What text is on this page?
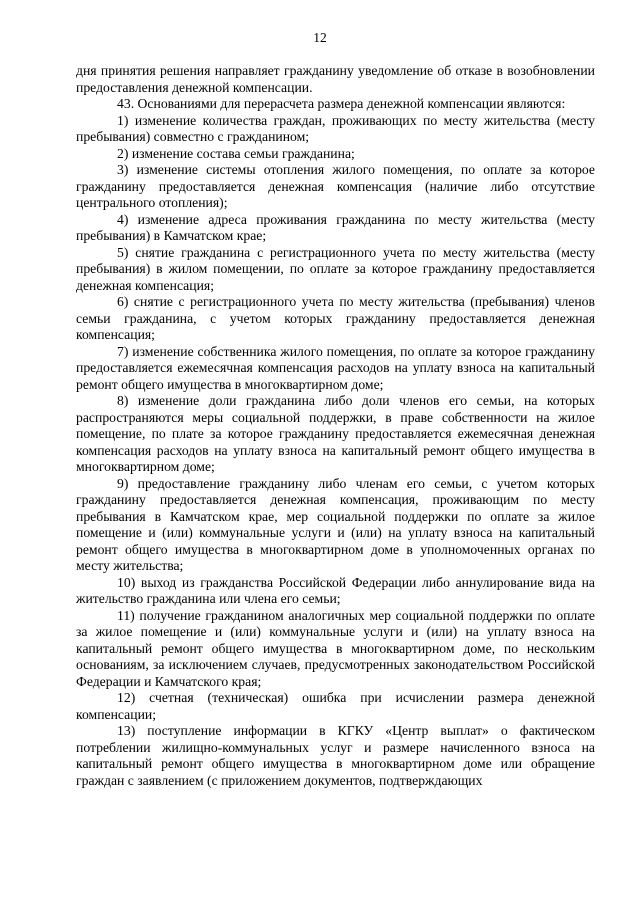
12

дня принятия решения направляет гражданину уведомление об отказе в возобновлении предоставления денежной компенсации.

43. Основаниями для перерасчета размера денежной компенсации являются:

1) изменение количества граждан, проживающих по месту жительства (месту пребывания) совместно с гражданином;

2) изменение состава семьи гражданина;

3) изменение системы отопления жилого помещения, по оплате за которое гражданину предоставляется денежная компенсация (наличие либо отсутствие центрального отопления);

4) изменение адреса проживания гражданина по месту жительства (месту пребывания) в Камчатском крае;

5) снятие гражданина с регистрационного учета по месту жительства (месту пребывания) в жилом помещении, по оплате за которое гражданину предоставляется денежная компенсация;

6) снятие с регистрационного учета по месту жительства (пребывания) членов семьи гражданина, с учетом которых гражданину предоставляется денежная компенсация;

7) изменение собственника жилого помещения, по оплате за которое гражданину предоставляется ежемесячная компенсация расходов на уплату взноса на капитальный ремонт общего имущества в многоквартирном доме;

8) изменение доли гражданина либо доли членов его семьи, на которых распространяются меры социальной поддержки, в праве собственности на жилое помещение, по плате за которое гражданину предоставляется ежемесячная денежная компенсация расходов на уплату взноса на капитальный ремонт общего имущества в многоквартирном доме;

9) предоставление гражданину либо членам его семьи, с учетом которых гражданину предоставляется денежная компенсация, проживающим по месту пребывания в Камчатском крае, мер социальной поддержки по оплате за жилое помещение и (или) коммунальные услуги и (или) на уплату взноса на капитальный ремонт общего имущества в многоквартирном доме в уполномоченных органах по месту жительства;

10) выход из гражданства Российской Федерации либо аннулирование вида на жительство гражданина или члена его семьи;

11) получение гражданином аналогичных мер социальной поддержки по оплате за жилое помещение и (или) коммунальные услуги и (или) на уплату взноса на капитальный ремонт общего имущества в многоквартирном доме, по нескольким основаниям, за исключением случаев, предусмотренных законодательством Российской Федерации и Камчатского края;

12) счетная (техническая) ошибка при исчислении размера денежной компенсации;

13) поступление информации в КГКУ «Центр выплат» о фактическом потреблении жилищно-коммунальных услуг и размере начисленного взноса на капитальный ремонт общего имущества в многоквартирном доме или обращение граждан с заявлением (с приложением документов, подтверждающих
